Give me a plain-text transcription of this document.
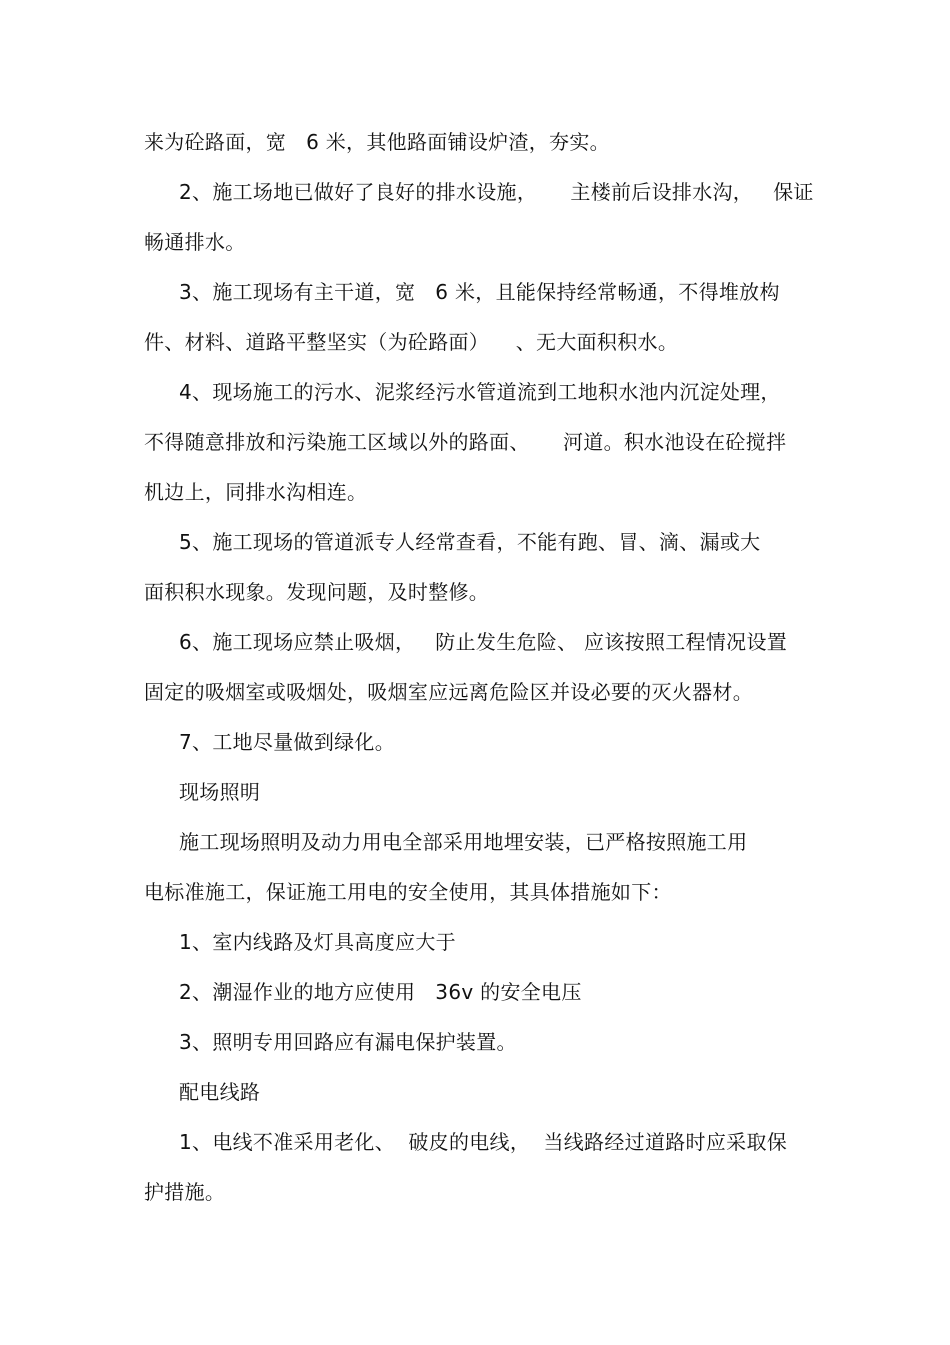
来为砼路面，宽   6 米，其他路面铺设炉渣，夯实。
2、施工场地已做好了良好的排水设施，     主楼前后设排水沟，   保证
畅通排水。
3、施工现场有主干道，宽   6 米，且能保持经常畅通，不得堆放构
件、材料、道路平整坚实（为砼路面）    、无大面积积水。
4、现场施工的污水、泥浆经污水管道流到工地积水池内沉淀处理，
不得随意排放和污染施工区域以外的路面、     河道。积水池设在砼搅拌
机边上，同排水沟相连。
5、施工现场的管道派专人经常查看，不能有跑、冒、滴、漏或大
面积积水现象。发现问题，及时整修。
6、施工现场应禁止吸烟，   防止发生危险、 应该按照工程情况设置
固定的吸烟室或吸烟处，吸烟室应远离危险区并设必要的灭火器材。
7、工地尽量做到绿化。
现场照明
施工现场照明及动力用电全部采用地埋安装，已严格按照施工用
电标准施工，保证施工用电的安全使用，其具体措施如下：
1、室内线路及灯具高度应大于
2、潮湿作业的地方应使用   36v 的安全电压
3、照明专用回路应有漏电保护装置。
配电线路
1、电线不准采用老化、  破皮的电线，  当线路经过道路时应采取保
护措施。
